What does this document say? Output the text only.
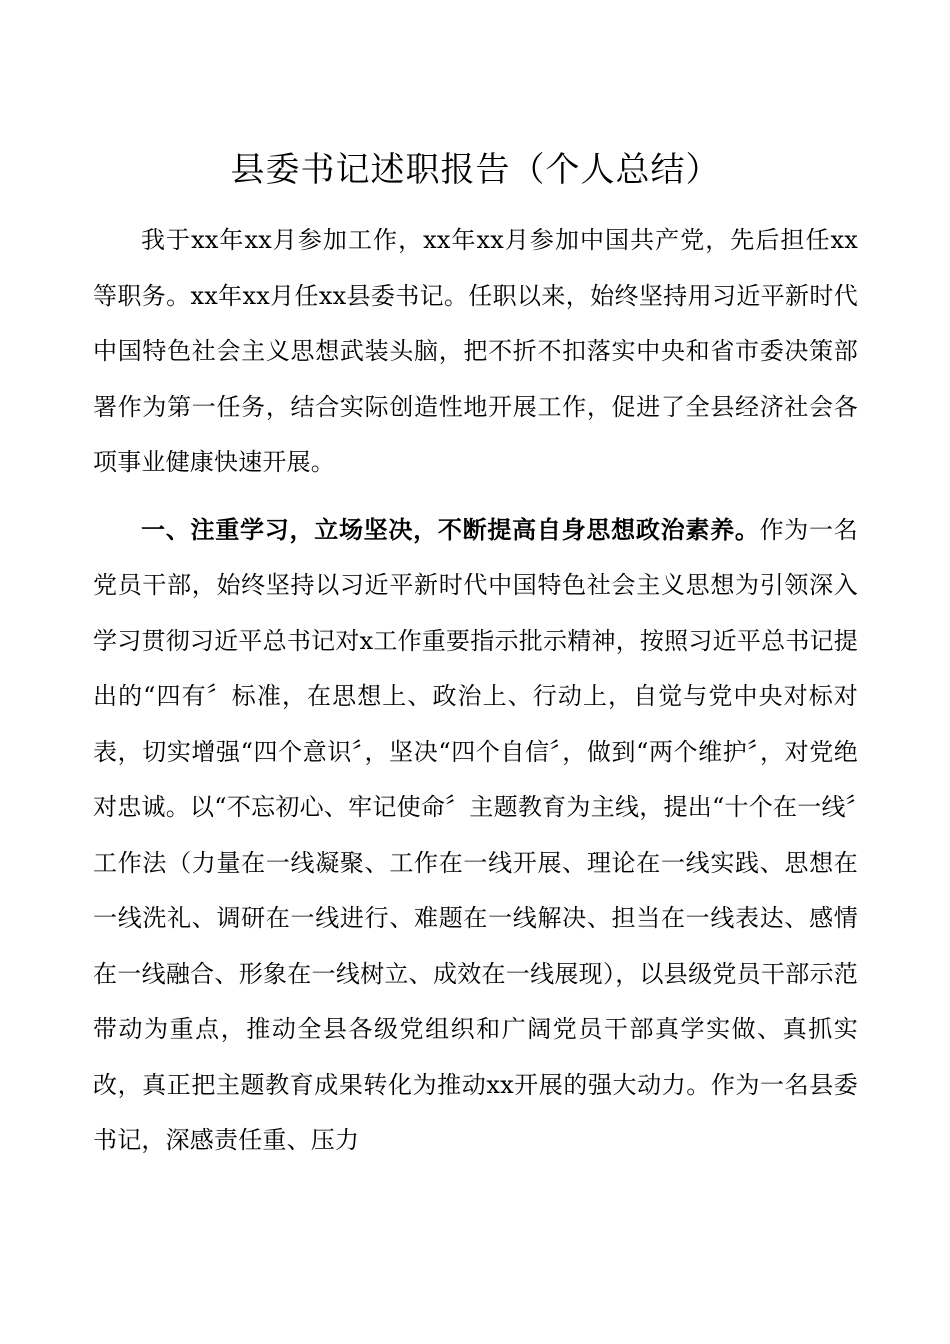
县委书记述职报告（个人总结）

我于xx年xx月参加工作，xx年xx月参加中国共产党，先后担任xx等职务。xx年xx月任xx县委书记。任职以来，始终坚持用习近平新时代中国特色社会主义思想武装头脑，把不折不扣落实中央和省市委决策部署作为第一任务，结合实际创造性地开展工作，促进了全县经济社会各项事业健康快速开展。

一、注重学习，立场坚决，不断提高自身思想政治素养。作为一名党员干部，始终坚持以习近平新时代中国特色社会主义思想为引领深入学习贯彻习近平总书记对x工作重要指示批示精神，按照习近平总书记提出的“四有〞标准，在思想上、政治上、行动上，自觉与党中央对标对表，切实增强“四个意识〞，坚决“四个自信〞，做到“两个维护〞，对党绝对忠诚。以“不忘初心、牢记使命〞主题教育为主线，提出“十个在一线〞工作法（力量在一线凝聚、工作在一线开展、理论在一线实践、思想在一线洗礼、调研在一线进行、难题在一线解决、担当在一线表达、感情在一线融合、形象在一线树立、成效在一线展现），以县级党员干部示范带动为重点，推动全县各级党组织和广阔党员干部真学实做、真抓实改，真正把主题教育成果转化为推动xx开展的强大动力。作为一名县委书记，深感责任重、压力
